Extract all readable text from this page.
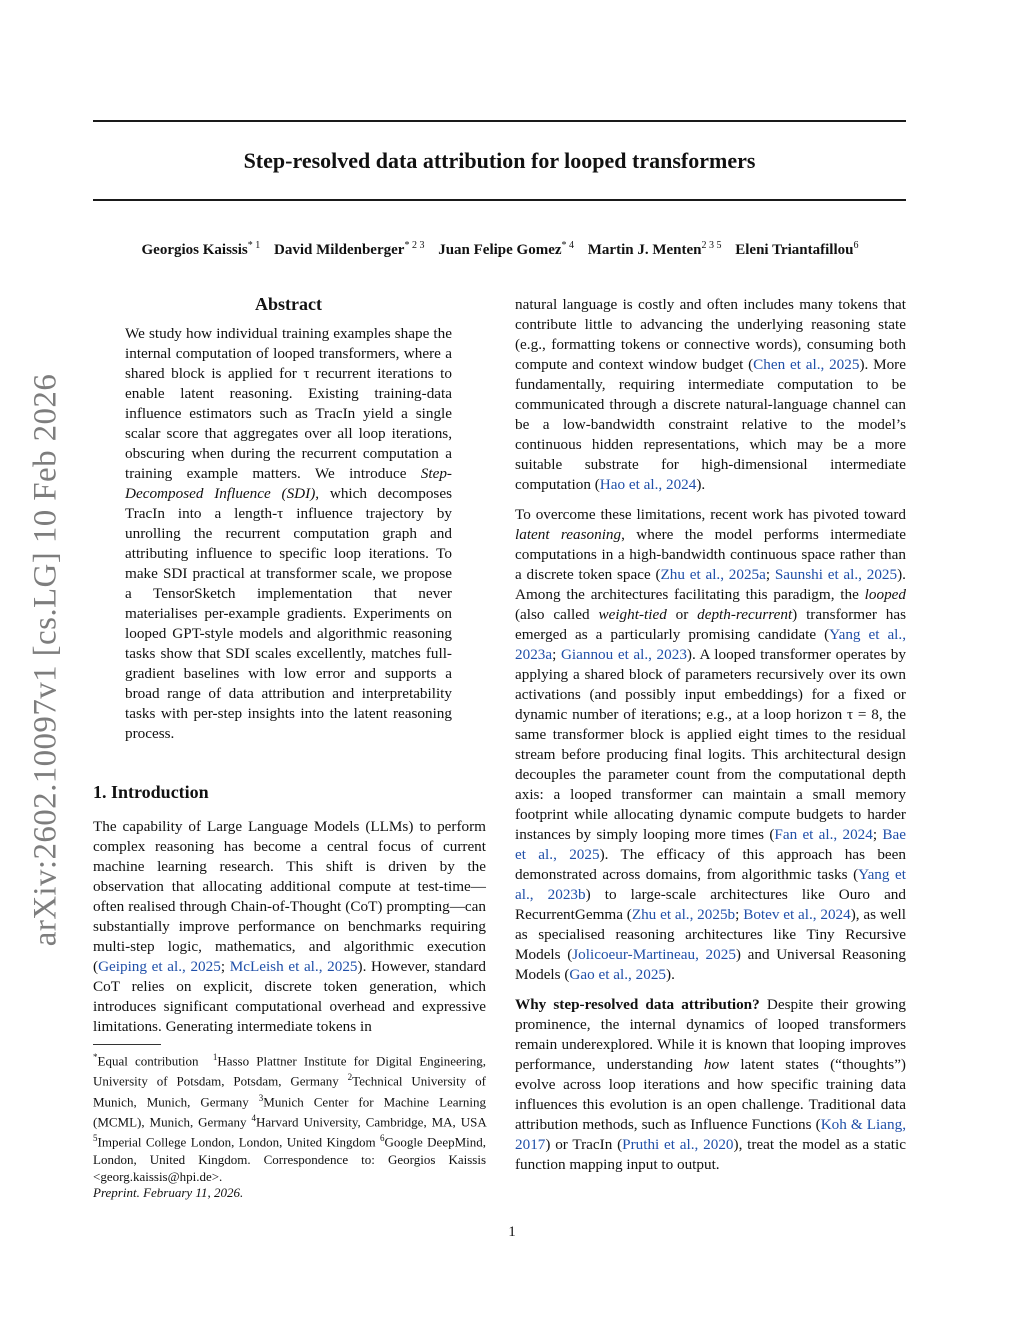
Step-resolved data attribution for looped transformers
Georgios Kaissis$^{* 1}$ David Mildenberger$^{* 2 3}$ Juan Felipe Gomez$^{* 4}$ Martin J. Menten$^{2 3 5}$ Eleni Triantafillou$^6$
arXiv:2602.10097v1 [cs.LG] 10 Feb 2026
Abstract
We study how individual training examples shape the internal computation of looped transformers, where a shared block is applied for τ recurrent iterations to enable latent reasoning. Existing training-data influence estimators such as TracIn yield a single scalar score that aggregates over all loop iterations, obscuring when during the recurrent computation a training example matters. We introduce Step-Decomposed Influence (SDI), which decomposes TracIn into a length-τ influence trajectory by unrolling the recurrent computation graph and attributing influence to specific loop iterations. To make SDI practical at transformer scale, we propose a TensorSketch implementation that never materialises per-example gradients. Experiments on looped GPT-style models and algorithmic reasoning tasks show that SDI scales excellently, matches full-gradient baselines with low error and supports a broad range of data attribution and interpretability tasks with per-step insights into the latent reasoning process.
1. Introduction

The capability of Large Language Models (LLMs) to perform complex reasoning has become a central focus of current machine learning research. This shift is driven by the observation that allocating additional compute at test-time—often realised through Chain-of-Thought (CoT) prompting—can substantially improve performance on benchmarks requiring multi-step logic, mathematics, and algorithmic execution (Geiping et al., 2025; McLeish et al., 2025). However, standard CoT relies on explicit, discrete token generation, which introduces significant computational overhead and expressive limitations. Generating intermediate tokens in

*Equal contribution $^1$Hasso Plattner Institute for Digital Engineering, University of Potsdam, Potsdam, Germany $^2$Technical University of Munich, Munich, Germany $^3$Munich Center for Machine Learning (MCML), Munich, Germany $^4$Harvard University, Cambridge, MA, USA $^5$Imperial College London, London, United Kingdom $^6$Google DeepMind, London, United Kingdom. Correspondence to: Georgios Kaissis <georg.kaissis@hpi.de>.
Preprint. February 11, 2026.

natural language is costly and often includes many tokens that contribute little to advancing the underlying reasoning state (e.g., formatting tokens or connective words), consuming both compute and context window budget (Chen et al., 2025). More fundamentally, requiring intermediate computation to be communicated through a discrete natural-language channel can be a low-bandwidth constraint relative to the model’s continuous hidden representations, which may be a more suitable substrate for high-dimensional intermediate computation (Hao et al., 2024).

To overcome these limitations, recent work has pivoted toward latent reasoning, where the model performs intermediate computations in a high-bandwidth continuous space rather than a discrete token space (Zhu et al., 2025a; Saunshi et al., 2025). Among the architectures facilitating this paradigm, the looped (also called weight-tied or depth-recurrent) transformer has emerged as a particularly promising candidate (Yang et al., 2023a; Giannou et al., 2023). A looped transformer operates by applying a shared block of parameters recursively over its own activations (and possibly input embeddings) for a fixed or dynamic number of iterations; e.g., at a loop horizon τ = 8, the same transformer block is applied eight times to the residual stream before producing final logits. This architectural design decouples the parameter count from the computational depth axis: a looped transformer can maintain a small memory footprint while allocating dynamic compute budgets to harder instances by simply looping more times (Fan et al., 2024; Bae et al., 2025). The efficacy of this approach has been demonstrated across domains, from algorithmic tasks (Yang et al., 2023b) to large-scale architectures like Ouro and RecurrentGemma (Zhu et al., 2025b; Botev et al., 2024), as well as specialised reasoning architectures like Tiny Recursive Models (Jolicoeur-Martineau, 2025) and Universal Reasoning Models (Gao et al., 2025).

Why step-resolved data attribution? Despite their growing prominence, the internal dynamics of looped transformers remain underexplored. While it is known that looping improves performance, understanding how latent states (“thoughts”) evolve across loop iterations and how specific training data influences this evolution is an open challenge. Traditional data attribution methods, such as Influence Functions (Koh & Liang, 2017) or TracIn (Pruthi et al., 2020), treat the model as a static function mapping input to output.

1
